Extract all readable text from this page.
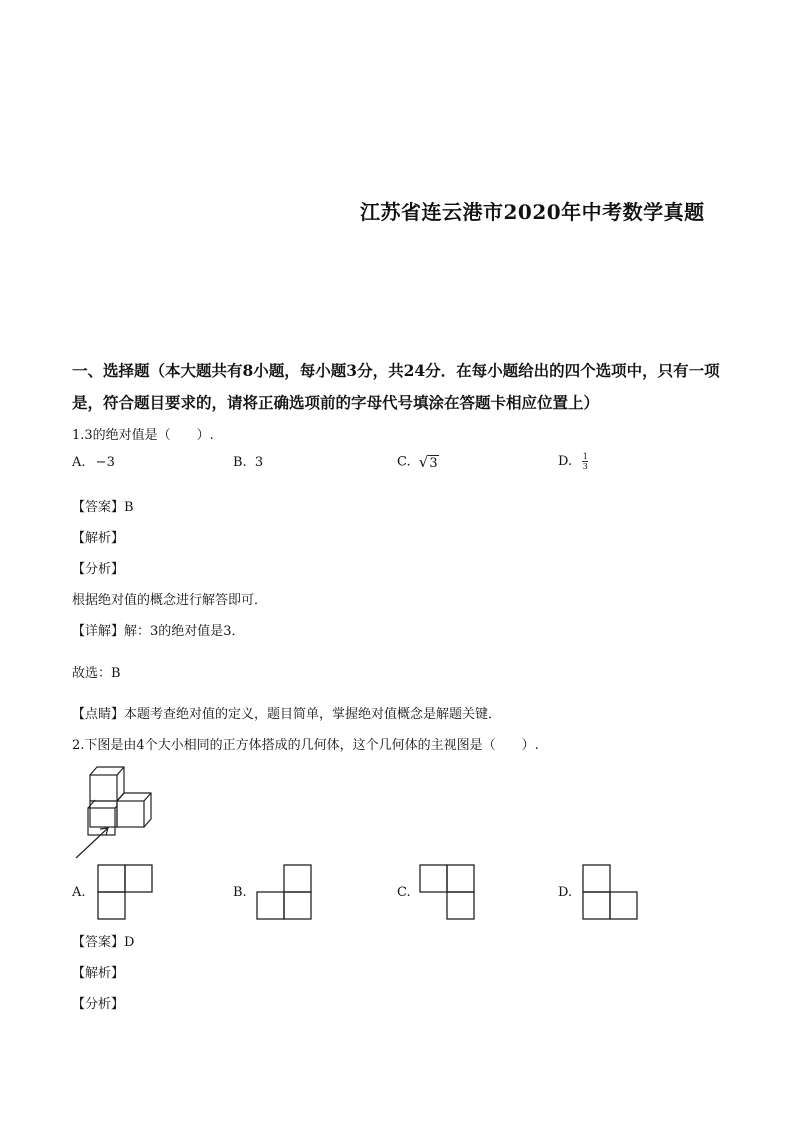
江苏省连云港市2020年中考数学真题
一、选择题（本大题共有8小题，每小题3分，共24分．在每小题给出的四个选项中，只有一项是，符合题目要求的，请将正确选项前的字母代号填涂在答题卡相应位置上）
1.3的绝对值是（　　）.
A. −3	B. 3	C. √3	D. $\frac{1}{3}$
【答案】B
【解析】
【分析】
根据绝对值的概念进行解答即可．
【详解】解：3的绝对值是3．
故选：B
【点睛】本题考查绝对值的定义，题目简单，掌握绝对值概念是解题关键．
2.下图是由4个大小相同的正方体搭成的几何体，这个几何体的主视图是（　　）.
A.	B.	C.	D.
【答案】D
【解析】
【分析】
